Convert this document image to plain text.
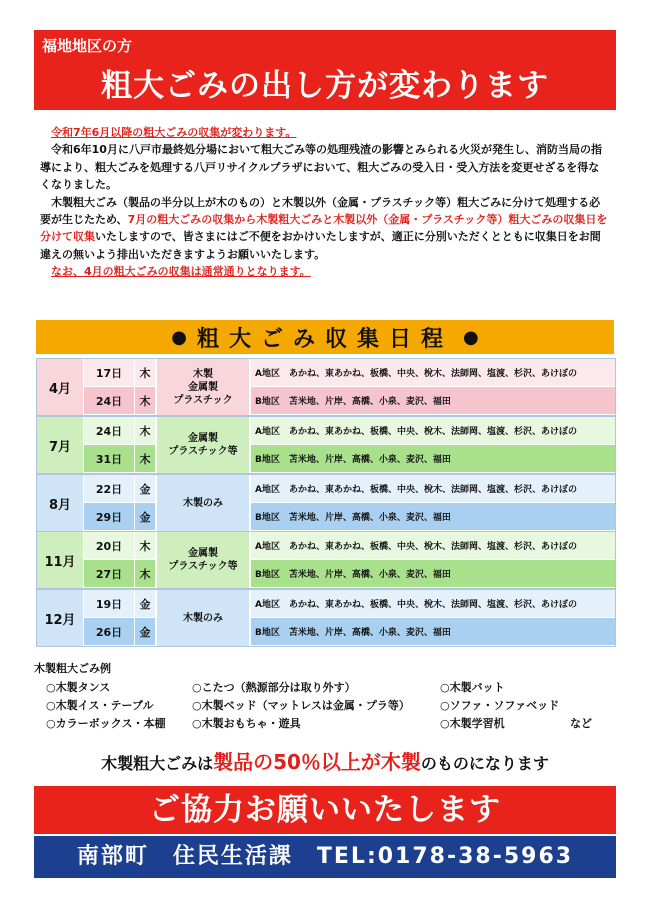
福地地区の方
粗大ごみの出し方が変わります

令和7年6月以降の粗大ごみの収集が変わります。

令和6年10月に八戸市最終処分場において粗大ごみ等の処理残渣の影響とみられる火災が発生し、消防当局の指導により、粗大ごみを処理する八戸リサイクルプラザにおいて、粗大ごみの受入日・受入方法を変更せざるを得なくなりました。

木製粗大ごみ（製品の半分以上が木のもの）と木製以外（金属・プラスチック等）粗大ごみに分けて処理する必要が生じたため、7月の粗大ごみの収集から木製粗大ごみと木製以外（金属・プラスチック等）粗大ごみの収集日を分けて収集いたしますので、皆さまにはご不便をおかけいたしますが、適正に分別いただくとともに収集日をお間違えの無いよう排出いただきますようお願いいたします。

なお、4月の粗大ごみの収集は通常通りとなります。

● 粗大ごみ収集日程 ●
4月
17日	木	A地区　あかね、東あかね、板橋、中央、梲木、法師岡、塩渡、杉沢、あけぼの
24日	木	B地区　苫米地、片岸、高橋、小泉、麦沢、福田
木製
金属製
プラスチック
7月
24日	木	A地区　あかね、東あかね、板橋、中央、梲木、法師岡、塩渡、杉沢、あけぼの
31日	木	B地区　苫米地、片岸、高橋、小泉、麦沢、福田
金属製
プラスチック等
8月
22日	金	A地区　あかね、東あかね、板橋、中央、梲木、法師岡、塩渡、杉沢、あけぼの
29日	金	B地区　苫米地、片岸、高橋、小泉、麦沢、福田
木製のみ
11月
20日	木	A地区　あかね、東あかね、板橋、中央、梲木、法師岡、塩渡、杉沢、あけぼの
27日	木	B地区　苫米地、片岸、高橋、小泉、麦沢、福田
金属製
プラスチック等
12月
19日	金	A地区　あかね、東あかね、板橋、中央、梲木、法師岡、塩渡、杉沢、あけぼの
26日	金	B地区　苫米地、片岸、高橋、小泉、麦沢、福田
木製のみ
木製粗大ごみ例
○木製タンス	○こたつ（熱源部分は取り外す）	○木製バット
○木製イス・テーブル	○木製ベッド（マットレスは金属・プラ等）	○ソファ・ソファベッド
○カラーボックス・本棚 ○木製おもちゃ・遊具	○木製学習机	など
木製粗大ごみは製品の50％以上が木製のものになります
ご協力お願いいたします
南部町　住民生活課　TEL:0178-38-5963
